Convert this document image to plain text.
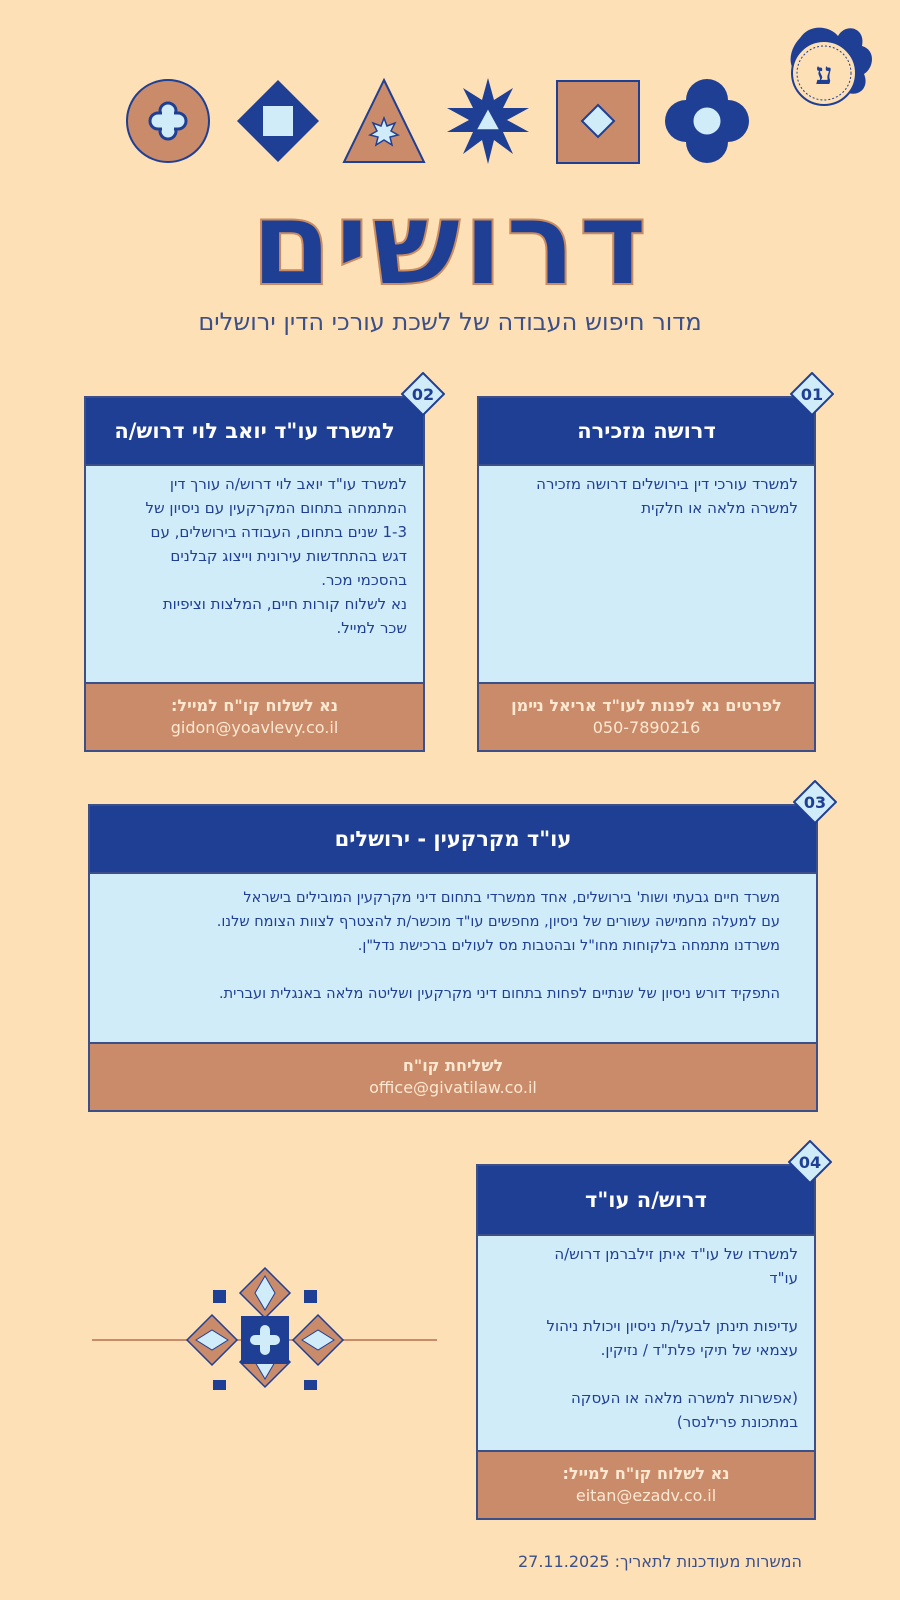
ע
דרושים
מדור חיפוש העבודה של לשכת עורכי הדין ירושלים
דרושה מזכירה
למשרד עורכי דין בירושלים דרושה מזכירה
למשרה מלאה או חלקית
לפרטים נא לפנות לעו"ד אריאל נײמן
050-7890216
01
למשרד עו"ד יואב לוי דרוש/ה
למשרד עו"ד יואב לוי דרוש/ה עורך דין
המתמחה בתחום המקרקעין עם ניסיון של
1-3 שנים בתחום, העבודה בירושלים, עם
דגש בהתחדשות עירונית וייצוג קבלנים
בהסכמי מכר.
נא לשלוח קורות חיים, המלצות וציפיות
שכר למייל.
נא לשלוח קו"ח למייל:
gidon@yoavlevy.co.il
02
עו"ד מקרקעין - ירושלים
משרד חיים גבעתי ושות' בירושלים, אחד ממשרדי בתחום דיני מקרקעין המובילים בישראל
עם למעלה מחמישה עשורים של ניסיון, מחפשים עו"ד מוכשר/ת להצטרף לצוות הצומח שלנו.
משרדנו מתמחה בלקוחות מחו"ל ובהטבות מס לעולים ברכישת נדל"ן.

התפקיד דורש ניסיון של שנתיים לפחות בתחום דיני מקרקעין ושליטה מלאה באנגלית ועברית.
לשליחת קו"ח
office@givatilaw.co.il
03
דרוש/ה עו"ד
למשרדו של עו"ד איתן זילברמן דרוש/ה
עו"ד

עדיפות תינתן לבעל/ת ניסיון ויכולת ניהול
עצמאי של תיקי פלת"ד / נזיקין.

(אפשרות למשרה מלאה או העסקה
במתכונת פרילנסר)
נא לשלוח קו"ח למייל:
eitan@ezadv.co.il
04
המשרות מעודכנות לתאריך: 27.11.2025
